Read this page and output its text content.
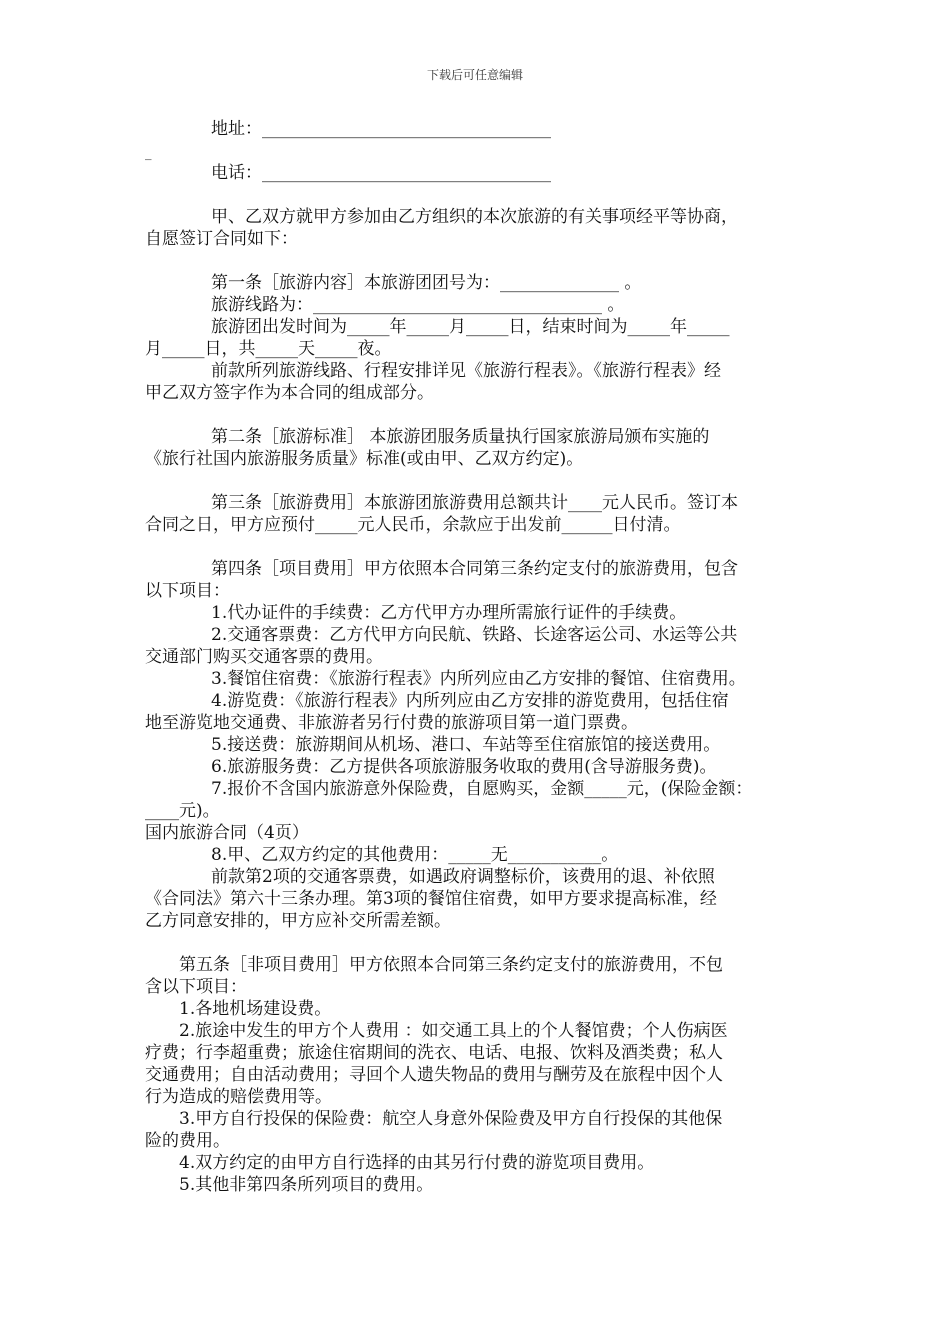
下载后可任意编辑
地址：__________________________________
_
电话：__________________________________
甲、乙双方就甲方参加由乙方组织的本次旅游的有关事项经平等协商，
自愿签订合同如下：
第一条［旅游内容］本旅游团团号为：______________ 。
旅游线路为：__________________________________ 。
旅游团出发时间为_____年_____月_____日，结束时间为_____年_____
月_____日，共_____天_____夜。
前款所列旅游线路、行程安排详见《旅游行程表》。《旅游行程表》经
甲乙双方签字作为本合同的组成部分。
第二条［旅游标准］ 本旅游团服务质量执行国家旅游局颁布实施的
《旅行社国内旅游服务质量》标准(或由甲、乙双方约定)。
第三条［旅游费用］本旅游团旅游费用总额共计____元人民币。签订本
合同之日，甲方应预付_____元人民币，余款应于出发前______日付清。
第四条［项目费用］甲方依照本合同第三条约定支付的旅游费用，包含
以下项目：
1.代办证件的手续费：乙方代甲方办理所需旅行证件的手续费。
2.交通客票费：乙方代甲方向民航、铁路、长途客运公司、水运等公共
交通部门购买交通客票的费用。
3.餐馆住宿费：《旅游行程表》内所列应由乙方安排的餐馆、住宿费用。
4.游览费：《旅游行程表》内所列应由乙方安排的游览费用，包括住宿
地至游览地交通费、非旅游者另行付费的旅游项目第一道门票费。
5.接送费：旅游期间从机场、港口、车站等至住宿旅馆的接送费用。
6.旅游服务费：乙方提供各项旅游服务收取的费用(含导游服务费)。
7.报价不含国内旅游意外保险费，自愿购买，金额_____元，(保险金额：
____元)。
国内旅游合同（4页）
8.甲、乙双方约定的其他费用：_____无___________。
前款第2项的交通客票费，如遇政府调整标价，该费用的退、补依照
《合同法》第六十三条办理。第3项的餐馆住宿费，如甲方要求提高标准，经
乙方同意安排的，甲方应补交所需差额。
第五条［非项目费用］甲方依照本合同第三条约定支付的旅游费用，不包
含以下项目：
1.各地机场建设费。
2.旅途中发生的甲方个人费用 ：如交通工具上的个人餐馆费；个人伤病医
疗费；行李超重费；旅途住宿期间的洗衣、电话、电报、饮料及酒类费；私人
交通费用；自由活动费用；寻回个人遗失物品的费用与酬劳及在旅程中因个人
行为造成的赔偿费用等。
3.甲方自行投保的保险费：航空人身意外保险费及甲方自行投保的其他保
险的费用。
4.双方约定的由甲方自行选择的由其另行付费的游览项目费用。
5.其他非第四条所列项目的费用。
